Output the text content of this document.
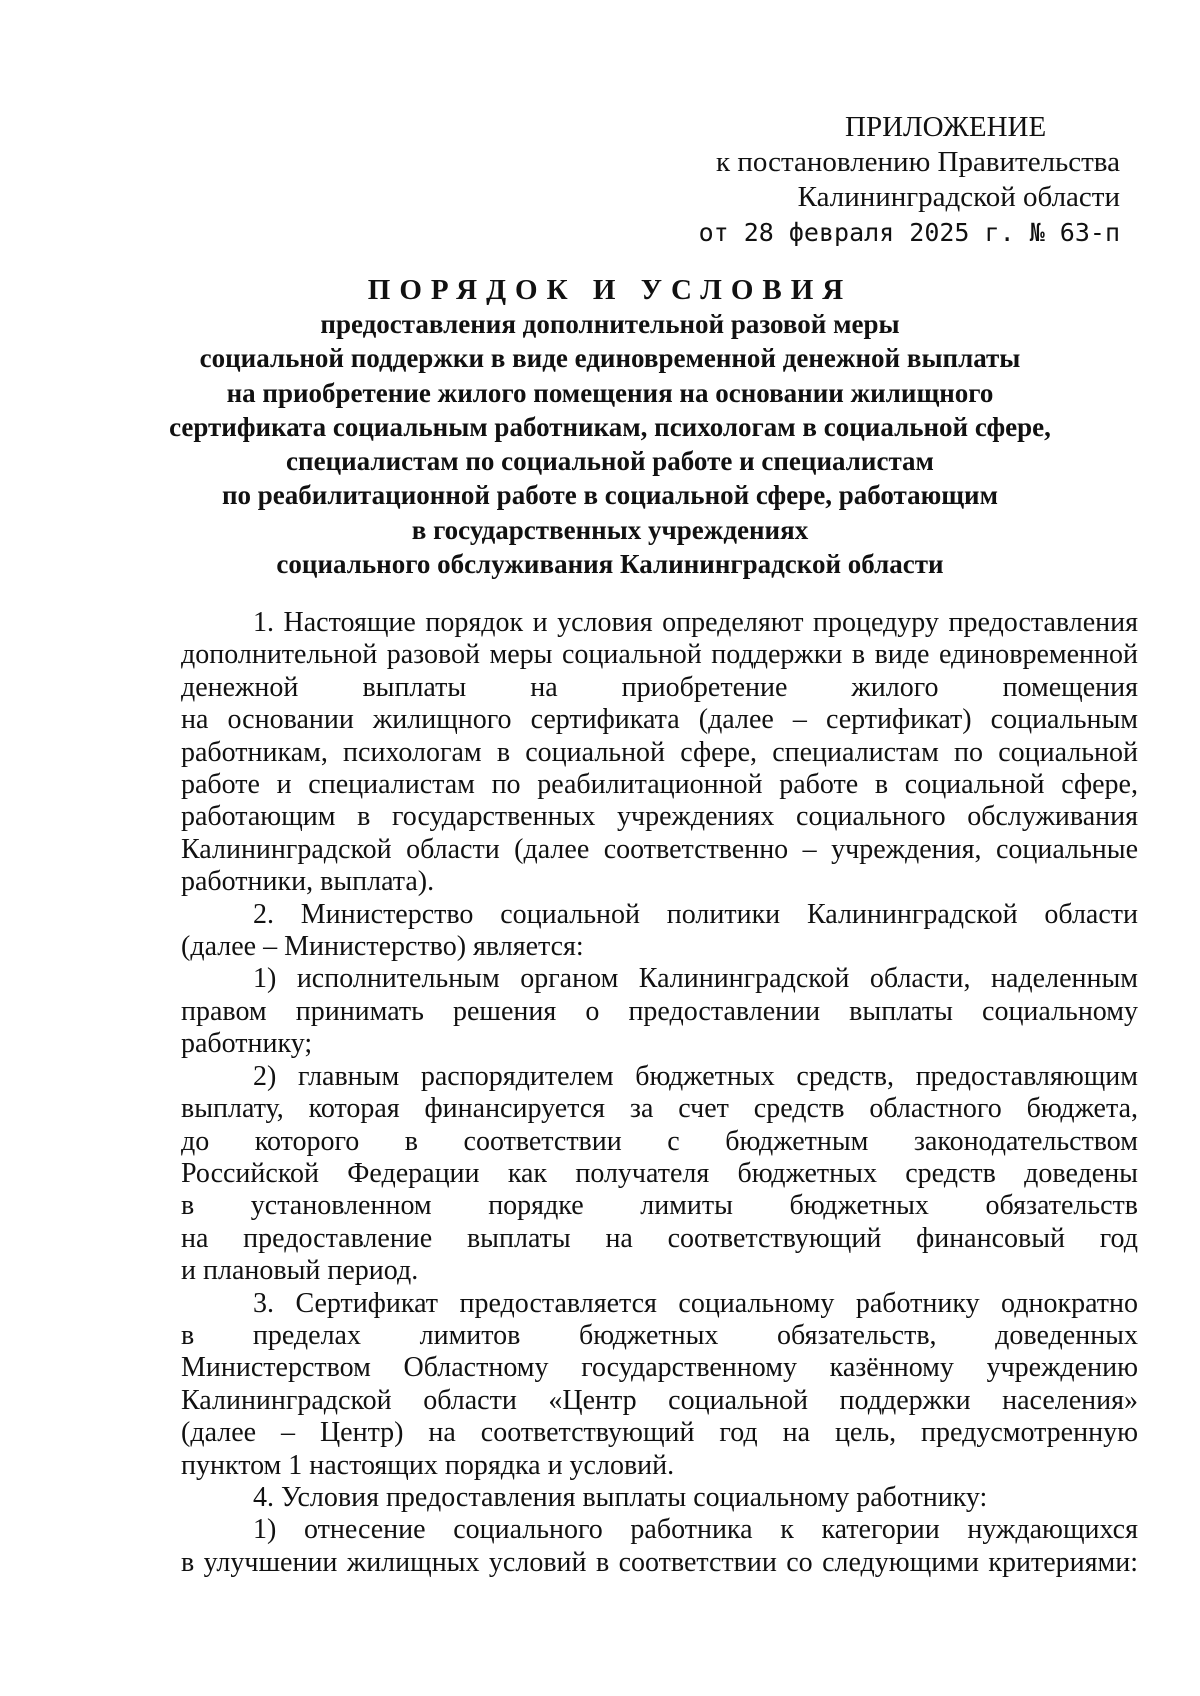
ПРИЛОЖЕНИЕ
к постановлению Правительства
Калининградской области
от 28 февраля 2025 г. № 63-п
ПОРЯДОК И УСЛОВИЯ
предоставления дополнительной разовой меры
социальной поддержки в виде единовременной денежной выплаты
на приобретение жилого помещения на основании жилищного
сертификата социальным работникам, психологам в социальной сфере,
специалистам по социальной работе и специалистам
по реабилитационной работе в социальной сфере, работающим
в государственных учреждениях
социального обслуживания Калининградской области
1. Настоящие порядок и условия определяют процедуру предоставления
дополнительной разовой меры социальной поддержки в виде единовременной
денежной выплаты на приобретение жилого помещения
на основании жилищного сертификата (далее – сертификат) социальным
работникам, психологам в социальной сфере, специалистам по социальной
работе и специалистам по реабилитационной работе в социальной сфере,
работающим в государственных учреждениях социального обслуживания
Калининградской области (далее соответственно – учреждения, социальные
работники, выплата).
2. Министерство социальной политики Калининградской области
(далее – Министерство) является:
1) исполнительным органом Калининградской области, наделенным
правом принимать решения о предоставлении выплаты социальному
работнику;
2) главным распорядителем бюджетных средств, предоставляющим
выплату, которая финансируется за счет средств областного бюджета,
до которого в соответствии с бюджетным законодательством
Российской Федерации как получателя бюджетных средств доведены
в установленном порядке лимиты бюджетных обязательств
на предоставление выплаты на соответствующий финансовый год
и плановый период.
3. Сертификат предоставляется социальному работнику однократно
в пределах лимитов бюджетных обязательств, доведенных
Министерством Областному государственному казённому учреждению
Калининградской области «Центр социальной поддержки населения»
(далее – Центр) на соответствующий год на цель, предусмотренную
пунктом 1 настоящих порядка и условий.
4. Условия предоставления выплаты социальному работнику:
1) отнесение социального работника к категории нуждающихся
в улучшении жилищных условий в соответствии со следующими критериями:
